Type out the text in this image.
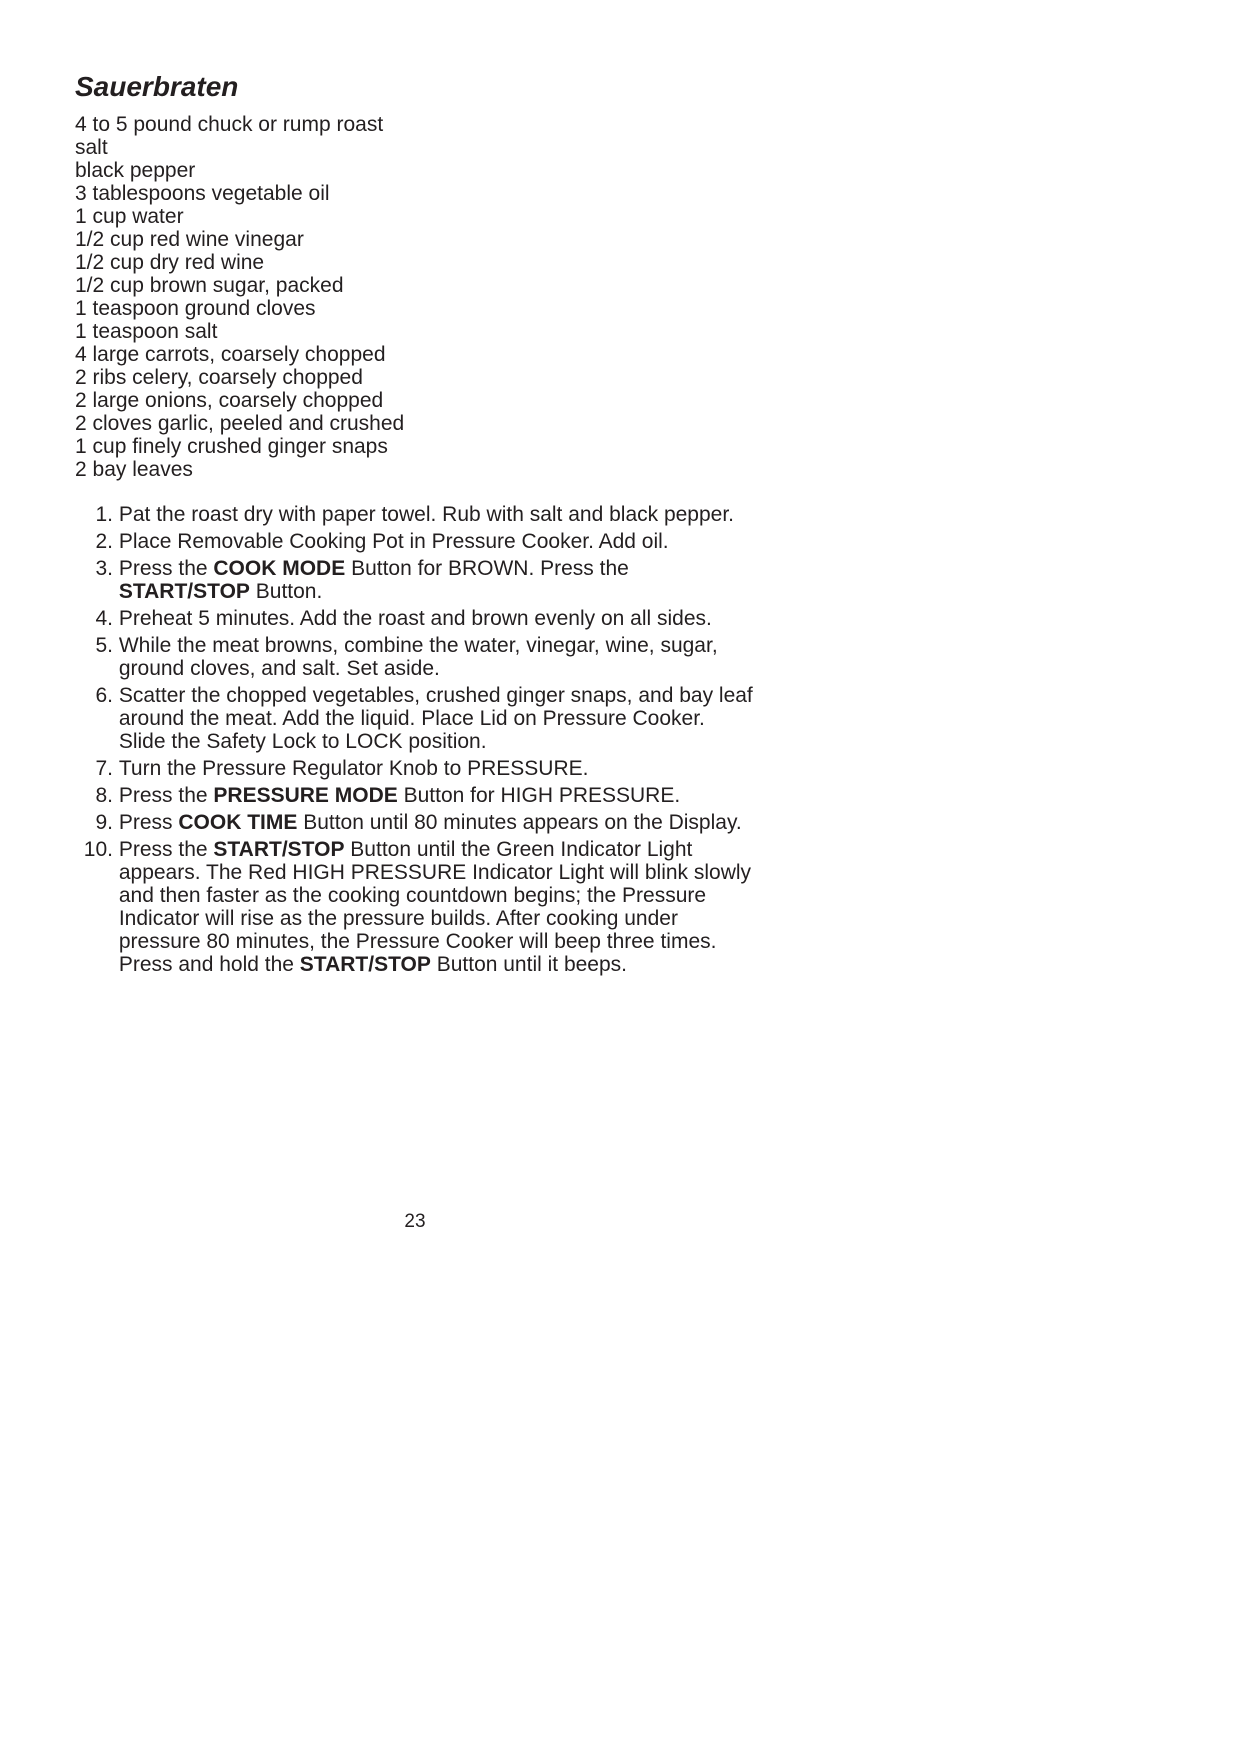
Sauerbraten
4 to 5 pound chuck or rump roast
salt
black pepper
3 tablespoons vegetable oil
1 cup water
1/2 cup red wine vinegar
1/2 cup dry red wine
1/2 cup brown sugar, packed
1 teaspoon ground cloves
1 teaspoon salt
4 large carrots, coarsely chopped
2 ribs celery, coarsely chopped
2 large onions, coarsely chopped
2 cloves garlic, peeled and crushed
1 cup finely crushed ginger snaps
2 bay leaves
1.
Pat the roast dry with paper towel. Rub with salt and black pepper.
2.
Place Removable Cooking Pot in Pressure Cooker. Add oil.
3.
Press the COOK MODE Button for BROWN. Press the START/STOP Button.
4.
Preheat 5 minutes. Add the roast and brown evenly on all sides.
5.
While the meat browns, combine the water, vinegar, wine, sugar, ground cloves, and salt. Set aside.
6.
Scatter the chopped vegetables, crushed ginger snaps, and bay leaf around the meat. Add the liquid. Place Lid on Pressure Cooker. Slide the Safety Lock to LOCK position.
7.
Turn the Pressure Regulator Knob to PRESSURE.
8.
Press the PRESSURE MODE Button for HIGH PRESSURE.
9.
Press COOK TIME Button until 80 minutes appears on the Display.
10.
Press the START/STOP Button until the Green Indicator Light appears. The Red HIGH PRESSURE Indicator Light will blink slowly and then faster as the cooking countdown begins; the Pressure Indicator will rise as the pressure builds. After cooking under pressure 80 minutes, the Pressure Cooker will beep three times. Press and hold the START/STOP Button until it beeps.
23
